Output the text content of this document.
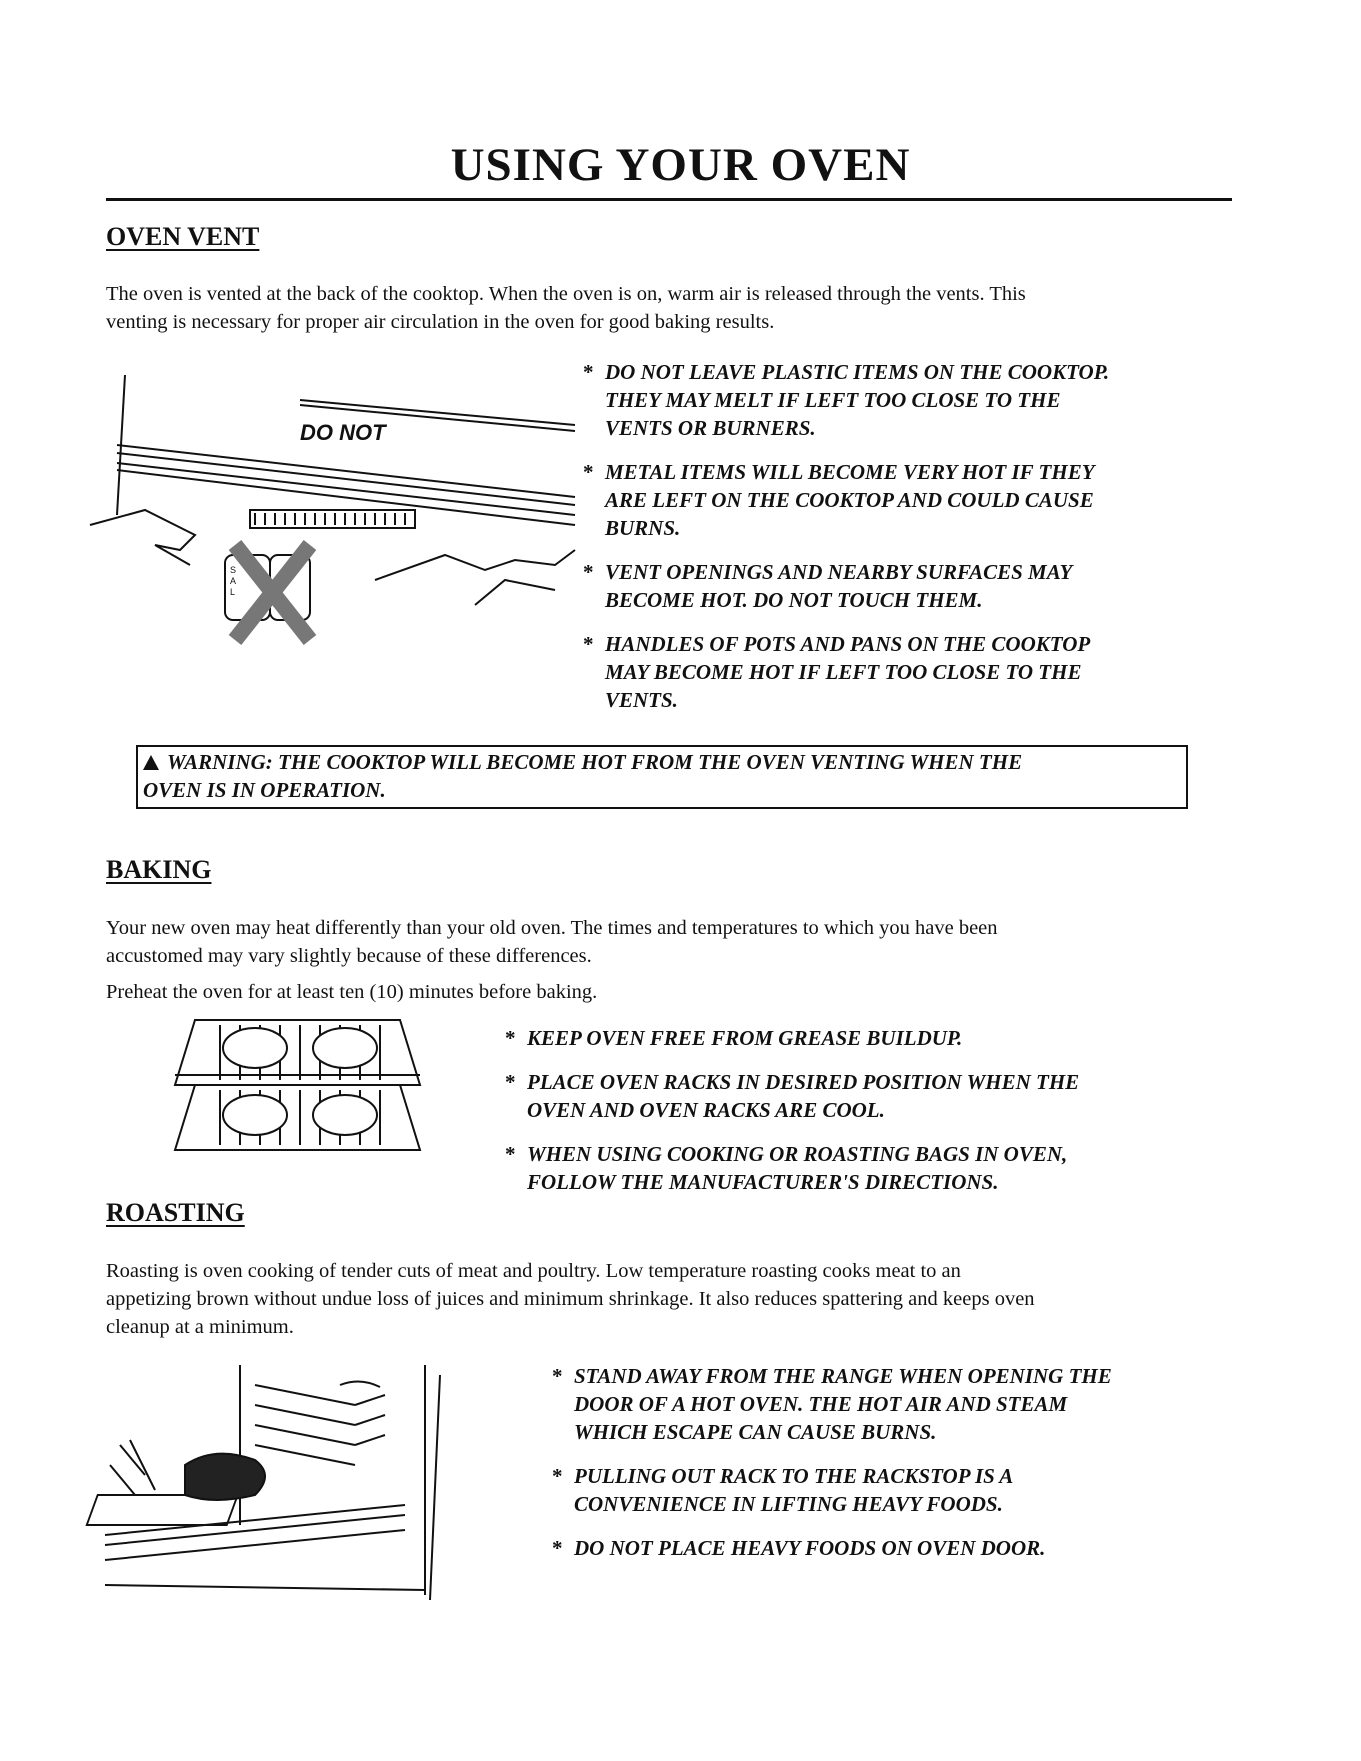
USING YOUR OVEN
OVEN VENT
The oven is vented at the back of the cooktop. When the oven is on, warm air is released through the vents. This
venting is necessary for proper air circulation in the oven for good baking results.
DO NOT
S A L
* DO NOT LEAVE PLASTIC ITEMS ON THE COOKTOP.
THEY MAY MELT IF LEFT TOO CLOSE TO THE
VENTS OR BURNERS.
* METAL ITEMS WILL BECOME VERY HOT IF THEY
ARE LEFT ON THE COOKTOP AND COULD CAUSE
BURNS.
* VENT OPENINGS AND NEARBY SURFACES MAY
BECOME HOT. DO NOT TOUCH THEM.
* HANDLES OF POTS AND PANS ON THE COOKTOP
MAY BECOME HOT IF LEFT TOO CLOSE TO THE
VENTS.
WARNING: THE COOKTOP WILL BECOME HOT FROM THE OVEN VENTING WHEN THE
OVEN IS IN OPERATION.
BAKING
Your new oven may heat differently than your old oven. The times and temperatures to which you have been
accustomed may vary slightly because of these differences.
Preheat the oven for at least ten (10) minutes before baking.
* KEEP OVEN FREE FROM GREASE BUILDUP.
* PLACE OVEN RACKS IN DESIRED POSITION WHEN THE
OVEN AND OVEN RACKS ARE COOL.
* WHEN USING COOKING OR ROASTING BAGS IN OVEN,
FOLLOW THE MANUFACTURER'S DIRECTIONS.
ROASTING
Roasting is oven cooking of tender cuts of meat and poultry. Low temperature roasting cooks meat to an
appetizing brown without undue loss of juices and minimum shrinkage. It also reduces spattering and keeps oven
cleanup at a minimum.
* STAND AWAY FROM THE RANGE WHEN OPENING THE
DOOR OF A HOT OVEN. THE HOT AIR AND STEAM
WHICH ESCAPE CAN CAUSE BURNS.
* PULLING OUT RACK TO THE RACKSTOP IS A
CONVENIENCE IN LIFTING HEAVY FOODS.
* DO NOT PLACE HEAVY FOODS ON OVEN DOOR.
